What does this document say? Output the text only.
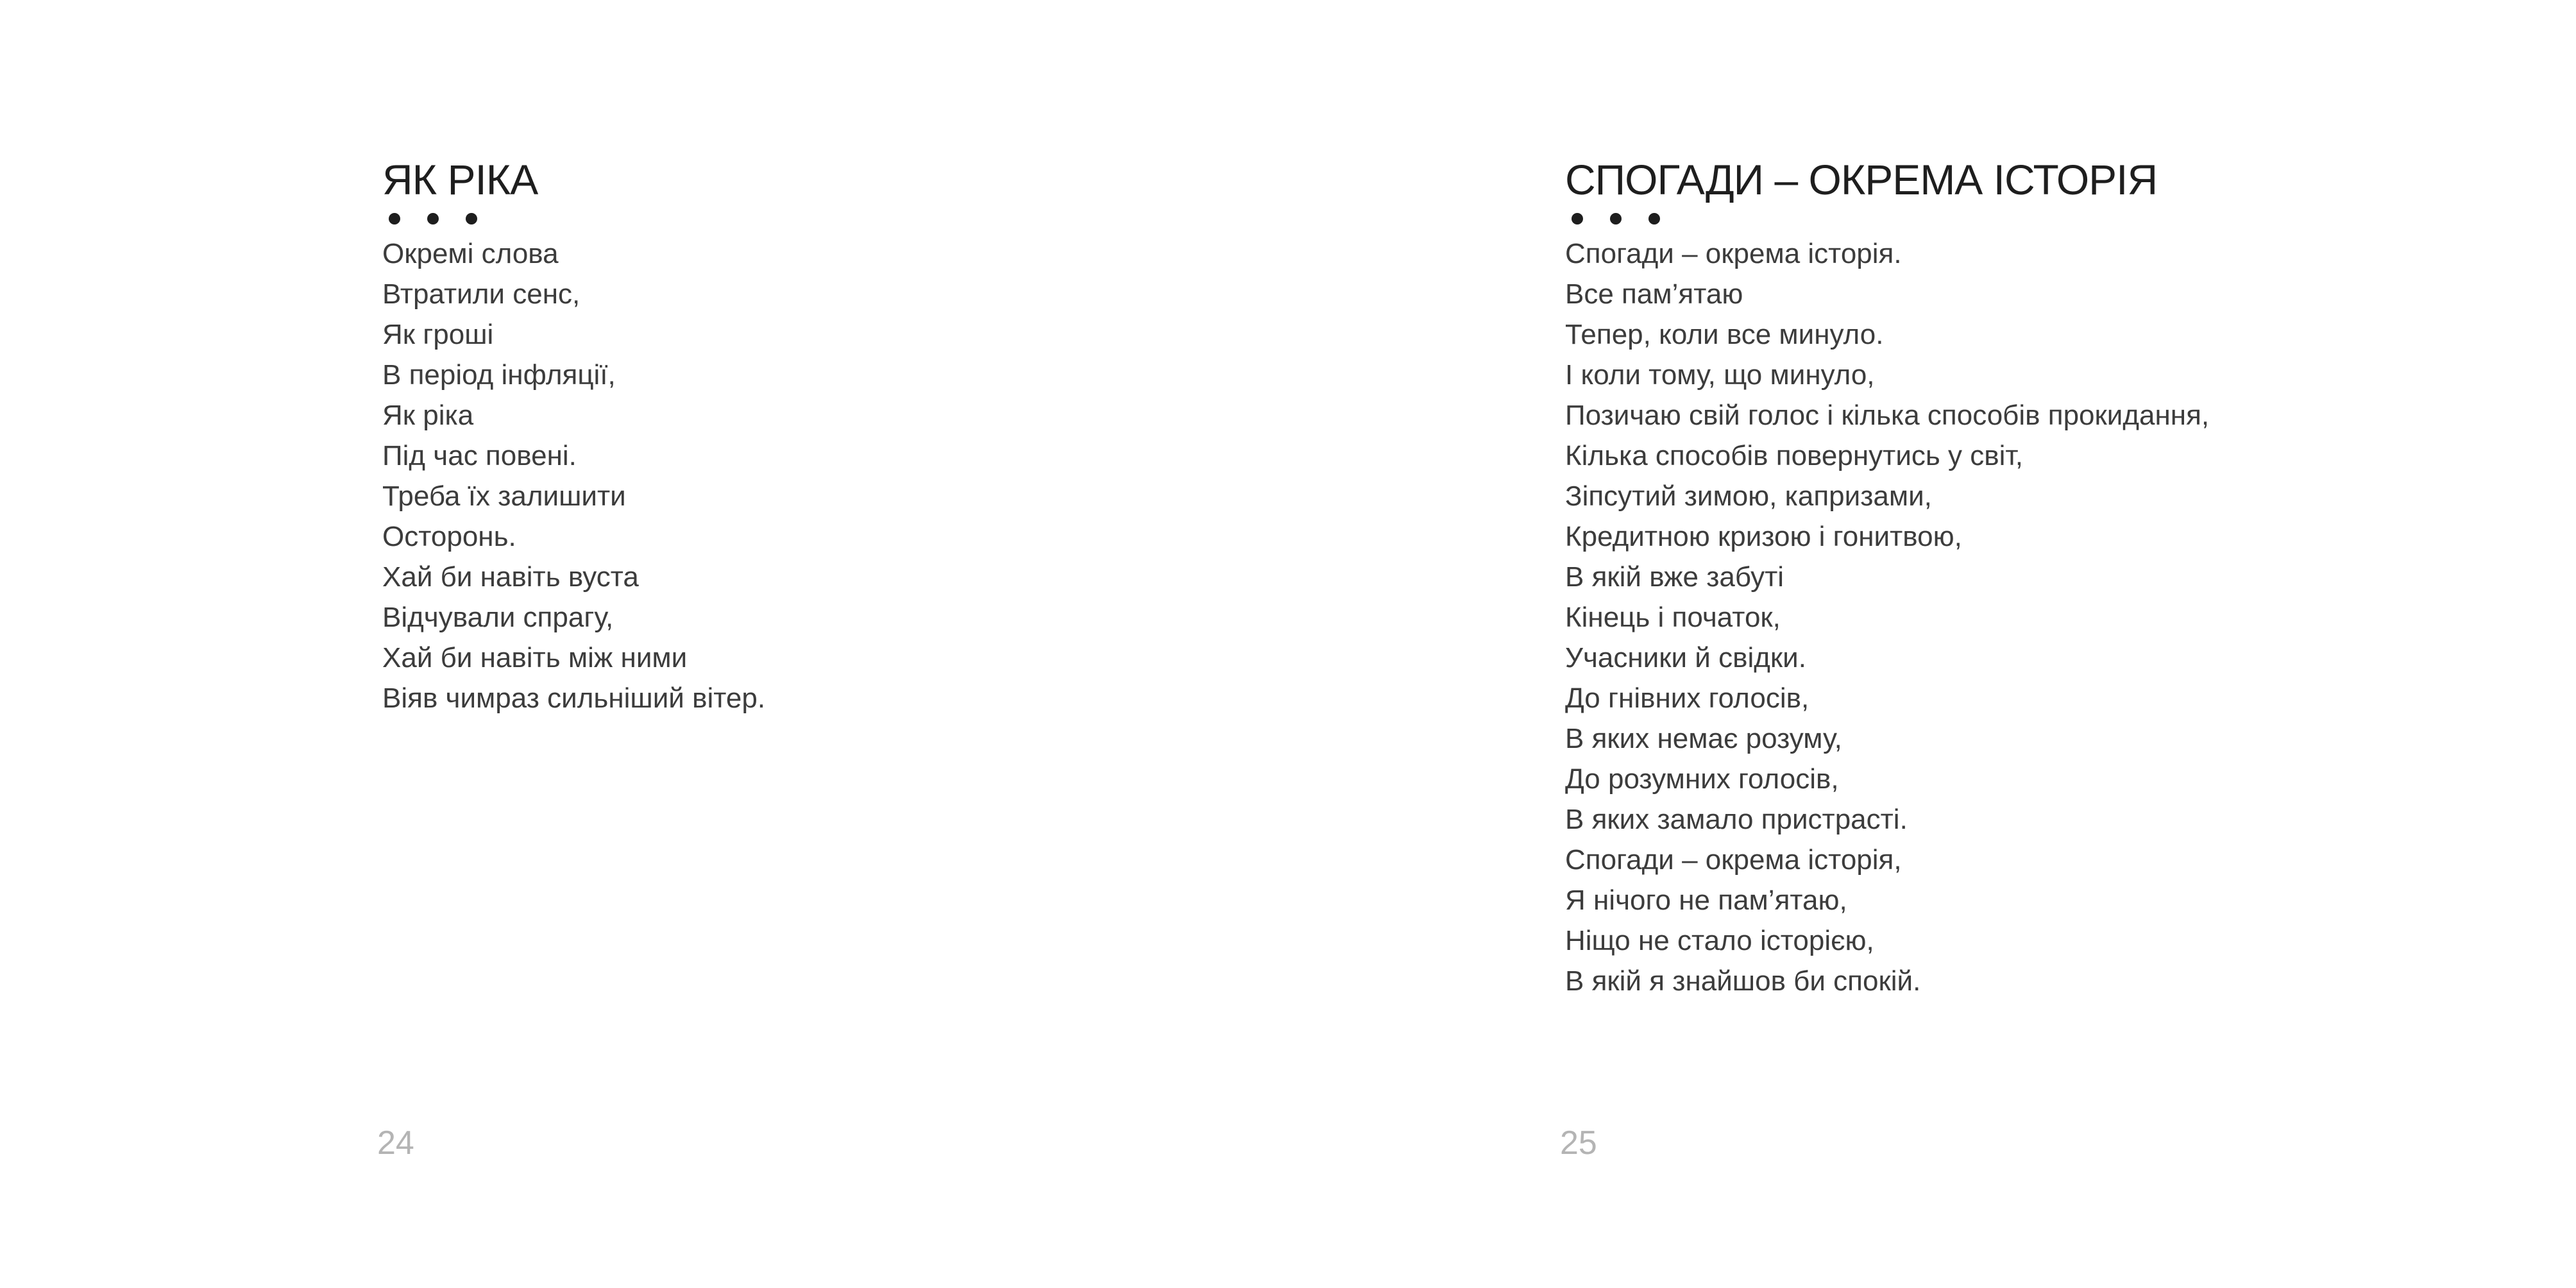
ЯК РІКА
Окремі слова
Втратили сенс,
Як гроші
В період інфляції,
Як ріка
Під час повені.
Треба їх залишити
Осторонь.
Хай би навіть вуста
Відчували спрагу,
Хай би навіть між ними
Віяв чимраз сильніший вітер.
24
СПОГАДИ – ОКРЕМА ІСТОРІЯ
Спогади – окрема історія.
Все пам’ятаю
Тепер, коли все минуло.
І коли тому, що минуло,
Позичаю свій голос і кілька способів прокидання,
Кілька способів повернутись у світ,
Зіпсутий зимою, капризами,
Кредитною кризою і гонитвою,
В якій вже забуті
Кінець і початок,
Учасники й свідки.
До гнівних голосів,
В яких немає розуму,
До розумних голосів,
В яких замало пристрасті.
Спогади – окрема історія,
Я нічого не пам’ятаю,
Ніщо не стало історією,
В якій я знайшов би спокій.
25
